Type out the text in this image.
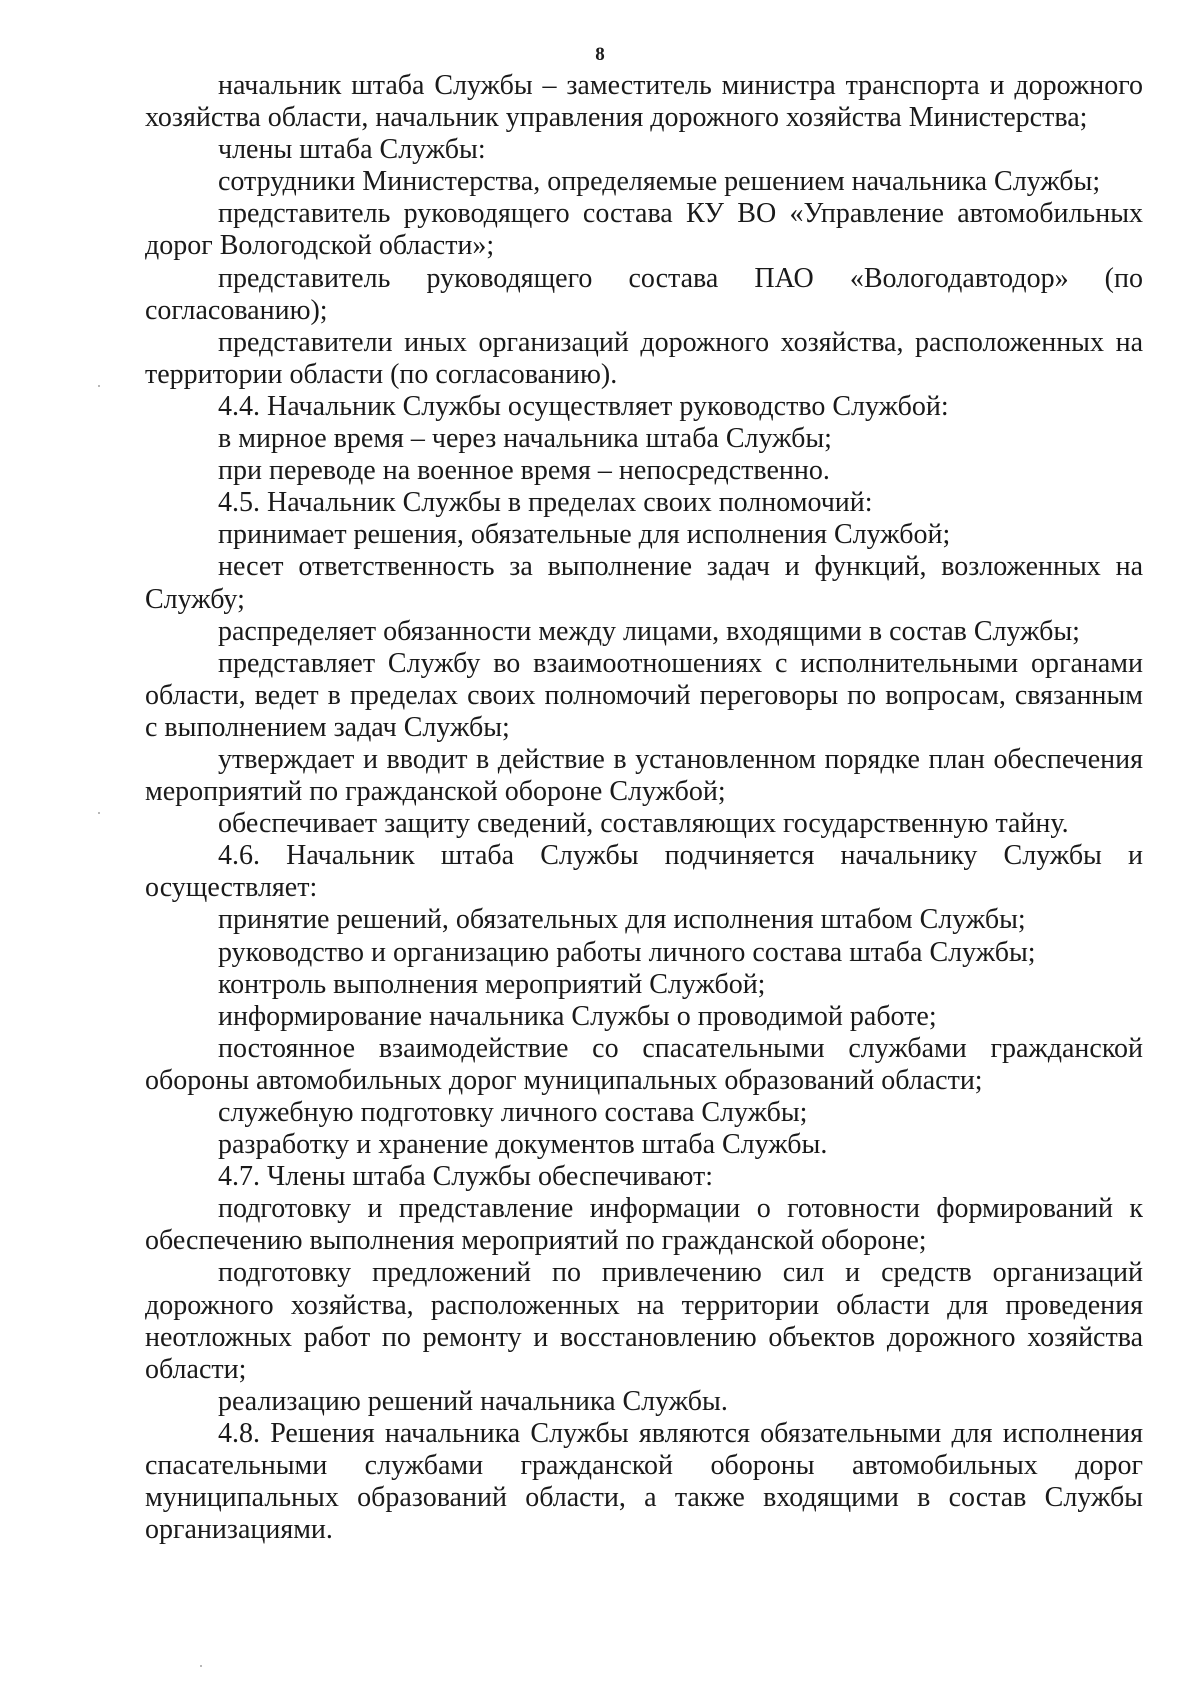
8

начальник штаба Службы – заместитель министра транспорта и дорожного хозяйства области, начальник управления дорожного хозяйства Министерства;

члены штаба Службы:

сотрудники Министерства, определяемые решением начальника Службы;

представитель руководящего состава КУ ВО «Управление автомобильных дорог Вологодской области»;

представитель руководящего состава ПАО «Вологодавтодор» (по согласованию);

представители иных организаций дорожного хозяйства, расположенных на территории области (по согласованию).

4.4. Начальник Службы осуществляет руководство Службой:

в мирное время – через начальника штаба Службы;

при переводе на военное время – непосредственно.

4.5. Начальник Службы в пределах своих полномочий:

принимает решения, обязательные для исполнения Службой;

несет ответственность за выполнение задач и функций, возложенных на Службу;

распределяет обязанности между лицами, входящими в состав Службы;

представляет Службу во взаимоотношениях с исполнительными органами области, ведет в пределах своих полномочий переговоры по вопросам, связанным с выполнением задач Службы;

утверждает и вводит в действие в установленном порядке план обеспечения мероприятий по гражданской обороне Службой;

обеспечивает защиту сведений, составляющих государственную тайну.

4.6. Начальник штаба Службы подчиняется начальнику Службы и осуществляет:

принятие решений, обязательных для исполнения штабом Службы;

руководство и организацию работы личного состава штаба Службы;

контроль выполнения мероприятий Службой;

информирование начальника Службы о проводимой работе;

постоянное взаимодействие со спасательными службами гражданской обороны автомобильных дорог муниципальных образований области;

служебную подготовку личного состава Службы;

разработку и хранение документов штаба Службы.

4.7. Члены штаба Службы обеспечивают:

подготовку и представление информации о готовности формирований к обеспечению выполнения мероприятий по гражданской обороне;

подготовку предложений по привлечению сил и средств организаций дорожного хозяйства, расположенных на территории области для проведения неотложных работ по ремонту и восстановлению объектов дорожного хозяйства области;

реализацию решений начальника Службы.

4.8. Решения начальника Службы являются обязательными для исполнения спасательными службами гражданской обороны автомобильных дорог муниципальных образований области, а также входящими в состав Службы организациями.
